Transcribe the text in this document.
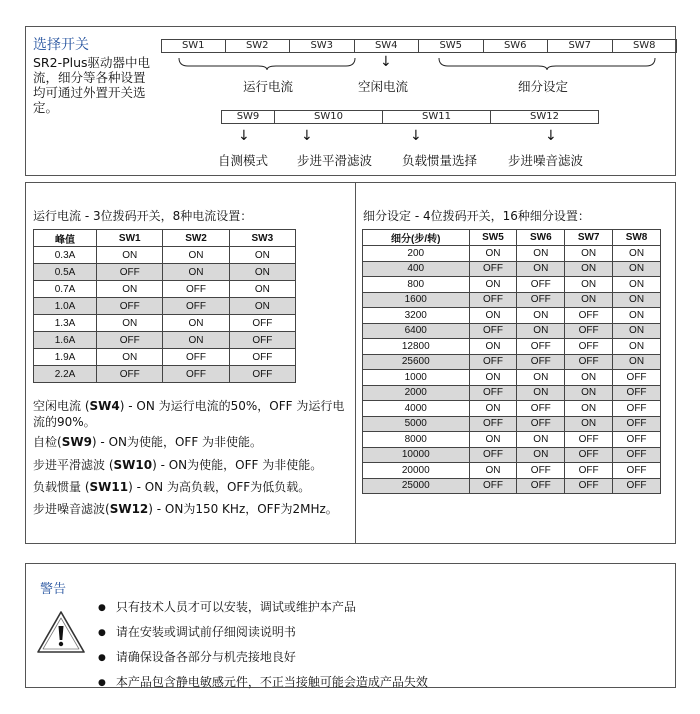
选择开关
SR2-Plus驱动器中电流，细分等各种设置均可通过外置开关选定。
SW1	SW2	SW3	SW4	SW5	SW6	SW7	SW8
运行电流
↓
空闲电流	细分设定
SW9	SW10	SW11	SW12
↓	↓	↓	↓
自测模式 步进平滑滤波 负载惯量选择 步进噪音滤波
运行电流 - 3位拨码开关，8种电流设置：
峰值	SW1	SW2	SW3
0.3A	ON	ON	ON
0.5A	OFF	ON	ON
0.7A	ON	OFF	ON
1.0A	OFF	OFF	ON
1.3A	ON	ON	OFF
1.6A	OFF	ON	OFF
1.9A	ON	OFF	OFF
2.2A	OFF	OFF	OFF
空闲电流 (SW4) - ON 为运行电流的50%，OFF 为运行电流的90%。
自检(SW9) - ON为使能，OFF 为非使能。
步进平滑滤波 (SW10) - ON为使能，OFF 为非使能。
负载惯量 (SW11) - ON 为高负载，OFF为低负载。
步进噪音滤波(SW12) - ON为150 KHz，OFF为2MHz。
细分设定 - 4位拨码开关，16种细分设置：
细分(步/转)	SW5	SW6	SW7	SW8
200	ON	ON	ON	ON
400	OFF	ON	ON	ON
800	ON	OFF	ON	ON
1600	OFF	OFF	ON	ON
3200	ON	ON	OFF	ON
6400	OFF	ON	OFF	ON
12800	ON	OFF	OFF	ON
25600	OFF	OFF	OFF	ON
1000	ON	ON	ON	OFF
2000	OFF	ON	ON	OFF
4000	ON	OFF	ON	OFF
5000	OFF	OFF	ON	OFF
8000	ON	ON	OFF	OFF
10000	OFF	ON	OFF	OFF
20000	ON	OFF	OFF	OFF
25000	OFF	OFF	OFF	OFF
警告
● 只有技术人员才可以安装，调试或维护本产品
● 请在安装或调试前仔细阅读说明书
● 请确保设备各部分与机壳接地良好
● 本产品包含静电敏感元件，不正当接触可能会造成产品失效
